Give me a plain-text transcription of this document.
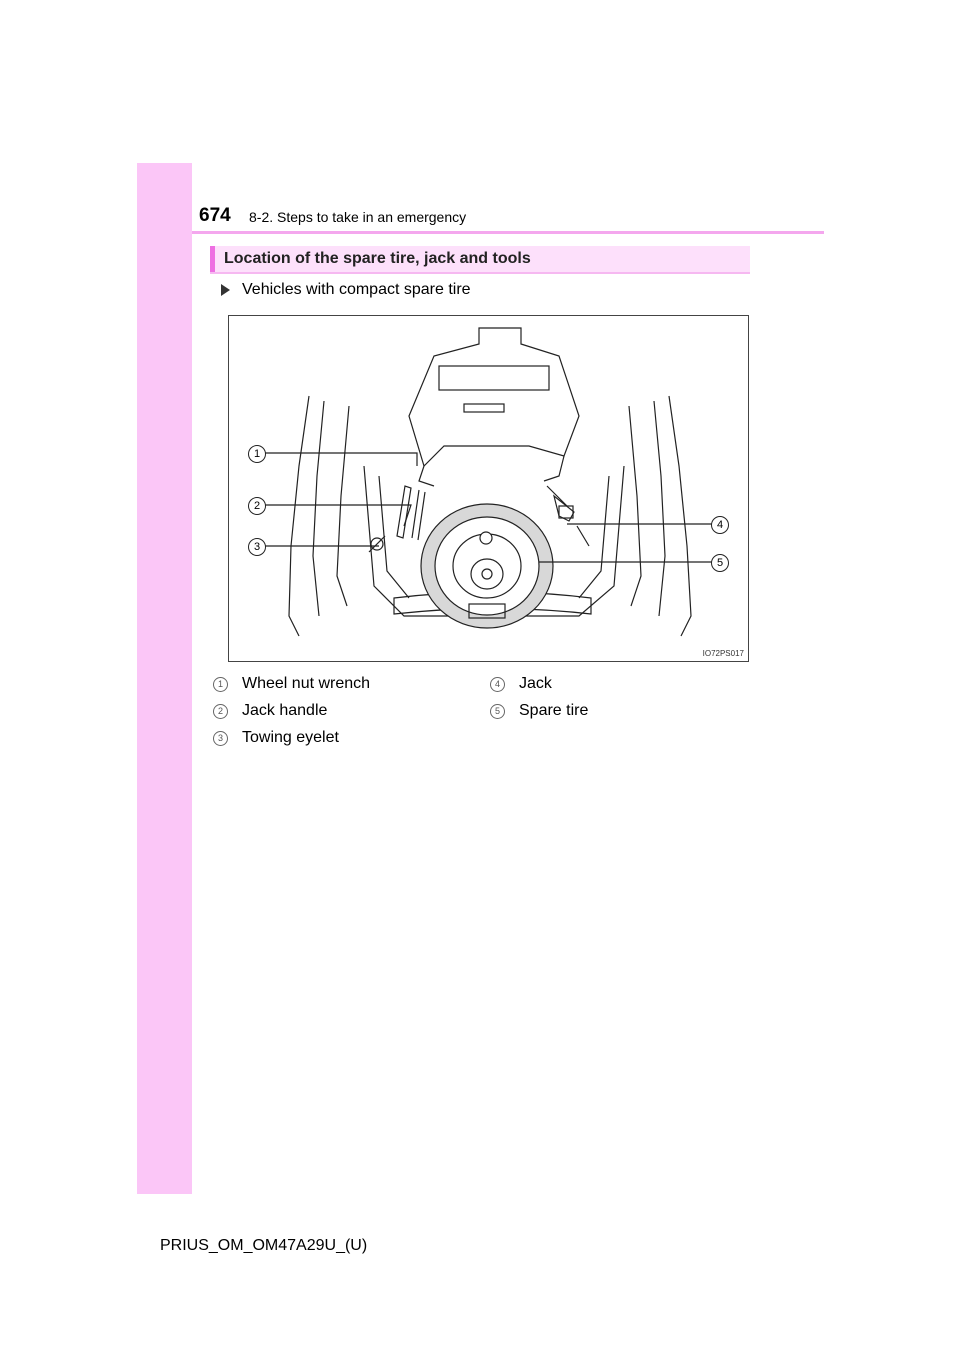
674 8-2. Steps to take in an emergency
Location of the spare tire, jack and tools
Vehicles with compact spare tire
1
2
3
4
5
IO72PS017
1	Wheel nut wrench
2	Jack handle
3	Towing eyelet
4	Jack
5	Spare tire
PRIUS_OM_OM47A29U_(U)
